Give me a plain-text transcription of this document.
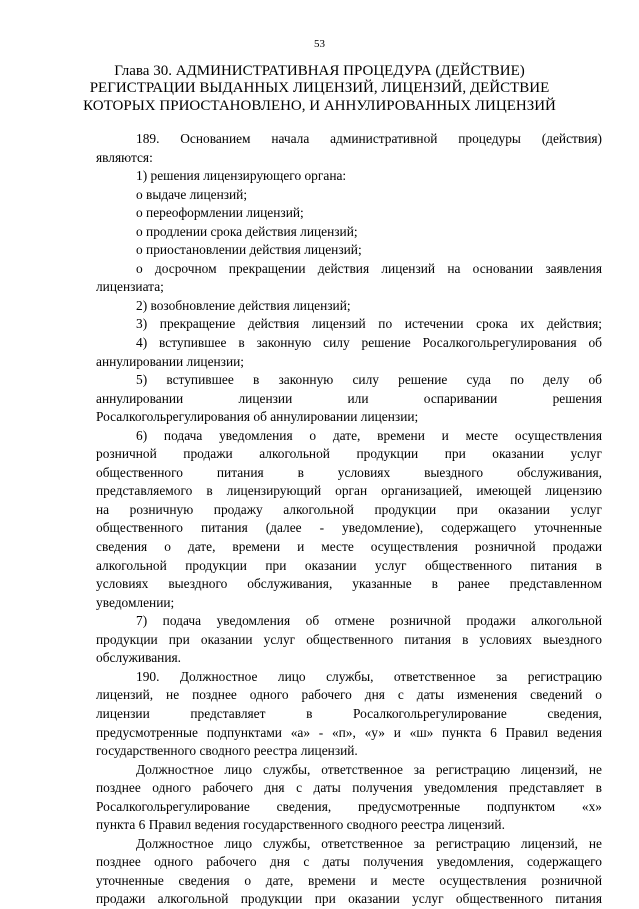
53
Глава 30. АДМИНИСТРАТИВНАЯ ПРОЦЕДУРА (ДЕЙСТВИЕ)
РЕГИСТРАЦИИ ВЫДАННЫХ ЛИЦЕНЗИЙ, ЛИЦЕНЗИЙ, ДЕЙСТВИЕ
КОТОРЫХ ПРИОСТАНОВЛЕНО, И АННУЛИРОВАННЫХ ЛИЦЕНЗИЙ
189. Основанием начала административной процедуры (действия)
являются:
1) решения лицензирующего органа:
о выдаче лицензий;
о переоформлении лицензий;
о продлении срока действия лицензий;
о приостановлении действия лицензий;
о досрочном прекращении действия лицензий на основании заявления
лицензиата;
2) возобновление действия лицензий;
3) прекращение действия лицензий по истечении срока их действия;
4) вступившее в законную силу решение Росалкогольрегулирования об
аннулировании лицензии;
5) вступившее в законную силу решение суда по делу об
аннулировании лицензии или оспаривании решения
Росалкогольрегулирования об аннулировании лицензии;
6) подача уведомления о дате, времени и месте осуществления
розничной продажи алкогольной продукции при оказании услуг
общественного питания в условиях выездного обслуживания,
представляемого в лицензирующий орган организацией, имеющей лицензию
на розничную продажу алкогольной продукции при оказании услуг
общественного питания (далее - уведомление), содержащего уточненные
сведения о дате, времени и месте осуществления розничной продажи
алкогольной продукции при оказании услуг общественного питания в
условиях выездного обслуживания, указанные в ранее представленном
уведомлении;
7) подача уведомления об отмене розничной продажи алкогольной
продукции при оказании услуг общественного питания в условиях выездного
обслуживания.
190. Должностное лицо службы, ответственное за регистрацию
лицензий, не позднее одного рабочего дня с даты изменения сведений о
лицензии представляет в Росалкогольрегулирование сведения,
предусмотренные подпунктами «а» - «п», «у» и «ш» пункта 6 Правил ведения
государственного сводного реестра лицензий.
Должностное лицо службы, ответственное за регистрацию лицензий, не
позднее одного рабочего дня с даты получения уведомления представляет в
Росалкогольрегулирование сведения, предусмотренные подпунктом «х»
пункта 6 Правил ведения государственного сводного реестра лицензий.
Должностное лицо службы, ответственное за регистрацию лицензий, не
позднее одного рабочего дня с даты получения уведомления, содержащего
уточненные сведения о дате, времени и месте осуществления розничной
продажи алкогольной продукции при оказании услуг общественного питания
